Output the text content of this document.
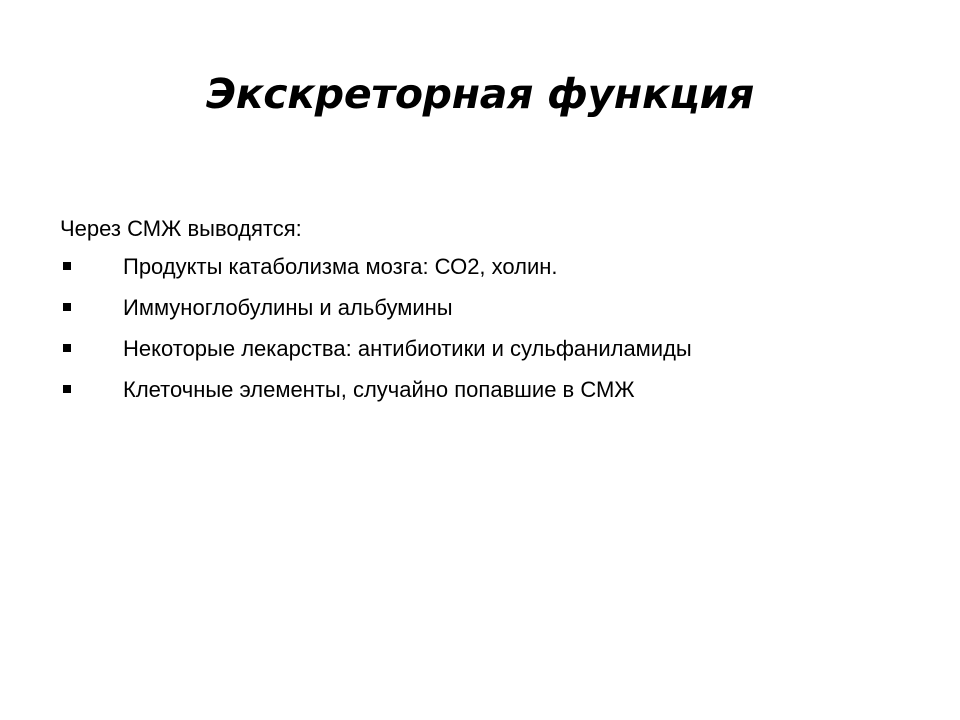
Экскреторная функция
Через СМЖ выводятся:
Продукты катаболизма мозга: СО2, холин.
Иммуноглобулины и альбумины
Некоторые лекарства: антибиотики и сульфаниламиды
Клеточные элементы, случайно попавшие в СМЖ
